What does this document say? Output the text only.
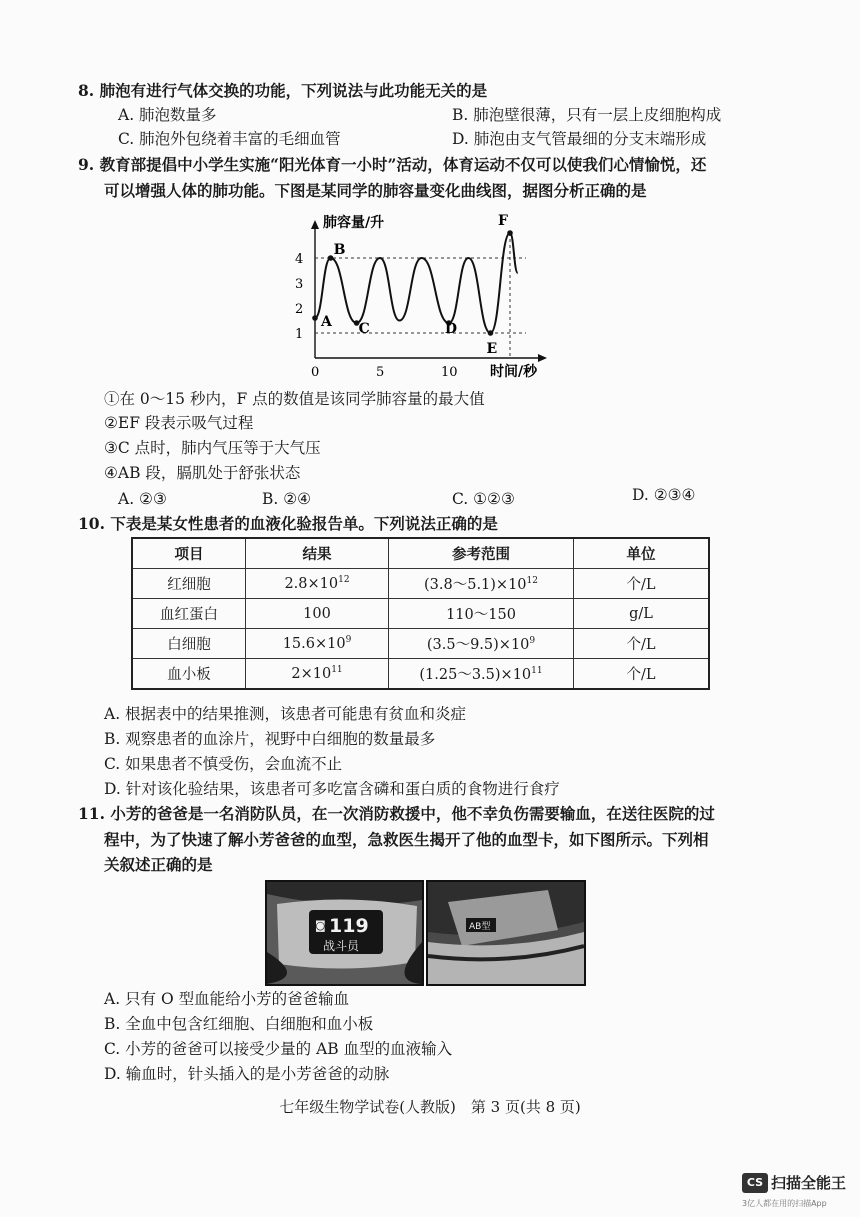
8. 肺泡有进行气体交换的功能，下列说法与此功能无关的是
A. 肺泡数量多	B. 肺泡壁很薄，只有一层上皮细胞构成
C. 肺泡外包绕着丰富的毛细血管	D. 肺泡由支气管最细的分支末端形成
9. 教育部提倡中小学生实施“阳光体育一小时”活动，体育运动不仅可以使我们心情愉悦，还
可以增强人体的肺功能。下图是某同学的肺容量变化曲线图，据图分析正确的是
肺容量/升
时间/秒
0	5	10
1
2
3
4
A
B
C	D
E
F
①在 0～15 秒内，F 点的数值是该同学肺容量的最大值
②EF 段表示吸气过程
③C 点时，肺内气压等于大气压
④AB 段，膈肌处于舒张状态
A. ②③	B. ②④	C. ①②③	D. ②③④
10. 下表是某女性患者的血液化验报告单。下列说法正确的是
项目	结果	参考范围	单位
红细胞	$2.8\times 10^{12}$	$(3.8\sim 5.1)\times 10^{12}$	个/L
血红蛋白	100	110～150	g/L
白细胞	$15.6\times 10^9$	$(3.5\sim 9.5)\times 10^9$	个/L
血小板	$2\times 10^{11}$	$(1.25\sim 3.5)\times 10^{11}$	个/L
A. 根据表中的结果推测，该患者可能患有贫血和炎症
B. 观察患者的血涂片，视野中白细胞的数量最多
C. 如果患者不慎受伤，会血流不止
D. 针对该化验结果，该患者可多吃富含磷和蛋白质的食物进行食疗
11. 小芳的爸爸是一名消防队员，在一次消防救援中，他不幸负伤需要输血，在送往医院的过
程中，为了快速了解小芳爸爸的血型，急救医生揭开了他的血型卡，如下图所示。下列相
关叙述正确的是
◙ 119
战斗员
AB型
A. 只有 O 型血能给小芳的爸爸输血
B. 全血中包含红细胞、白细胞和血小板
C. 小芳的爸爸可以接受少量的 AB 血型的血液输入
D. 输血时，针头插入的是小芳爸爸的动脉
七年级生物学试卷(人教版)　第 3 页(共 8 页)
CS 扫描全能王
3亿人都在用的扫描App
